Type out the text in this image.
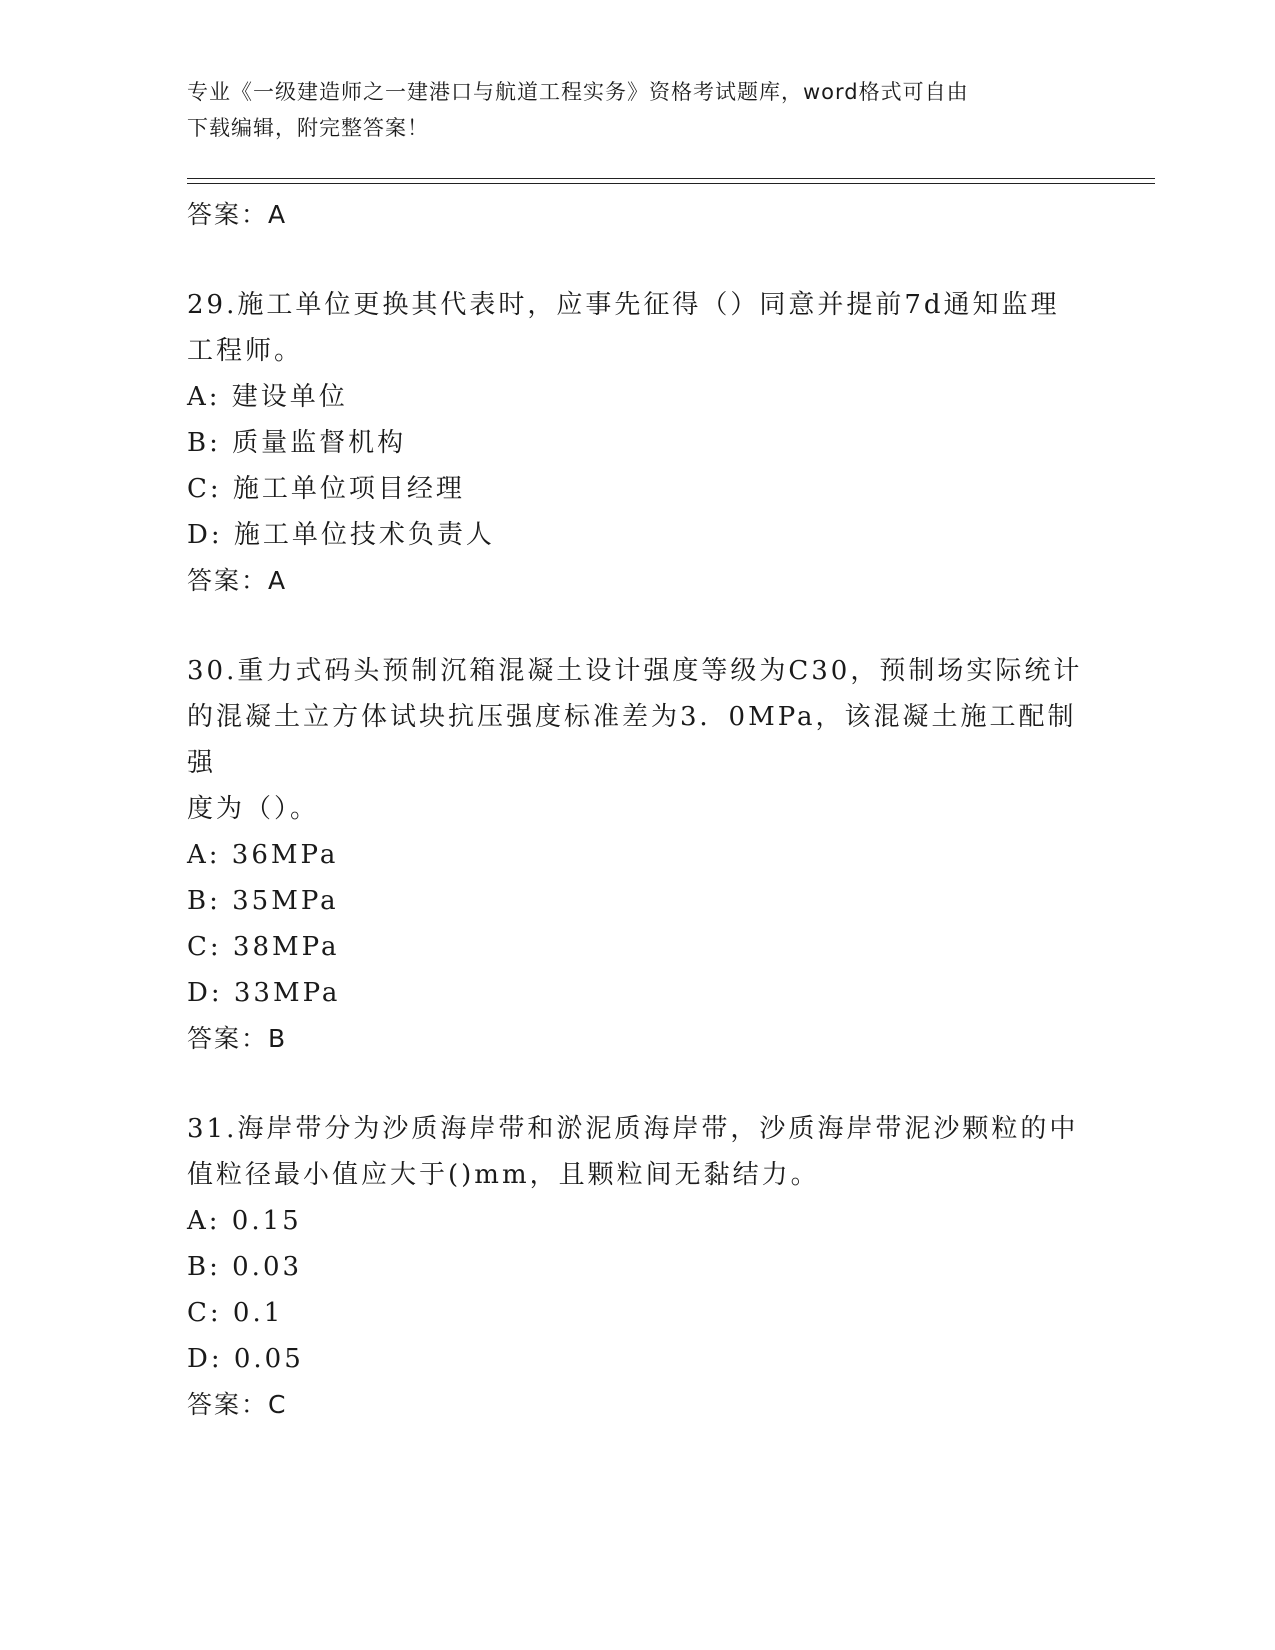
专业《一级建造师之一建港口与航道工程实务》资格考试题库，word格式可自由
下载编辑，附完整答案！
答案：A
29.施工单位更换其代表时，应事先征得（）同意并提前7d通知监理
工程师。
A: 建设单位
B: 质量监督机构
C: 施工单位项目经理
D: 施工单位技术负责人
答案：A
30.重力式码头预制沉箱混凝土设计强度等级为C30，预制场实际统计
的混凝土立方体试块抗压强度标准差为3．0MPa，该混凝土施工配制强
度为（）。
A: 36MPa
B: 35MPa
C: 38MPa
D: 33MPa
答案：B
31.海岸带分为沙质海岸带和淤泥质海岸带，沙质海岸带泥沙颗粒的中
值粒径最小值应大于()mm，且颗粒间无黏结力。
A: 0.15
B: 0.03
C: 0.1
D: 0.05
答案：C
